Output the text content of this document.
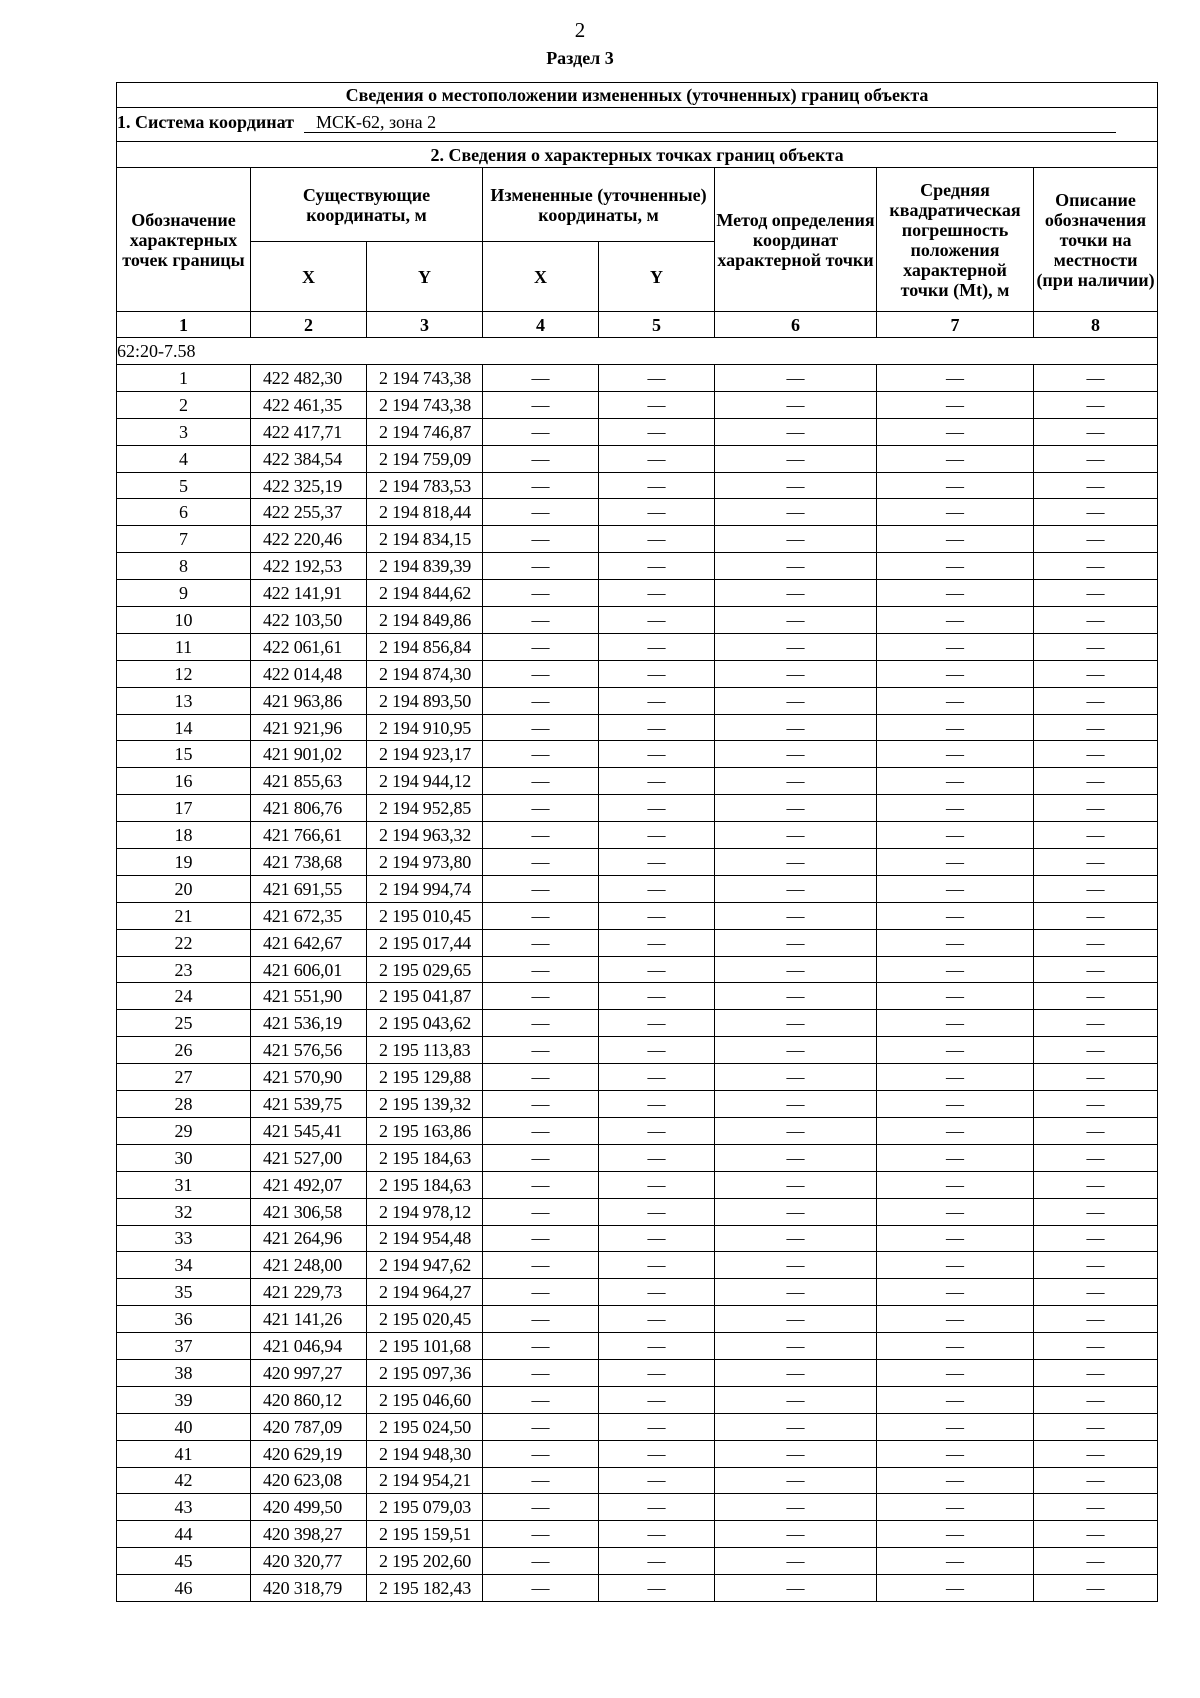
2
Раздел 3
Сведения о местоположении измененных (уточненных) границ объекта							
1. Система координат МСК-62, зона 2							
2. Сведения о характерных точках границ объекта							
Обозначение характерных точек границы	Существующие координаты, м		Измененные (уточненные) координаты, м		Метод определения координат характерной точки	Средняя квадратическая погрешность положения характерной точки (Mt), м	Описание обозначения точки на местности (при наличии)
	X	Y	X	Y			
1	2	3	4	5	6	7	8
62:20-7.58							
1	422 482,30	2 194 743,38	—	—	—	—	—
2	422 461,35	2 194 743,38	—	—	—	—	—
3	422 417,71	2 194 746,87	—	—	—	—	—
4	422 384,54	2 194 759,09	—	—	—	—	—
5	422 325,19	2 194 783,53	—	—	—	—	—
6	422 255,37	2 194 818,44	—	—	—	—	—
7	422 220,46	2 194 834,15	—	—	—	—	—
8	422 192,53	2 194 839,39	—	—	—	—	—
9	422 141,91	2 194 844,62	—	—	—	—	—
10	422 103,50	2 194 849,86	—	—	—	—	—
11	422 061,61	2 194 856,84	—	—	—	—	—
12	422 014,48	2 194 874,30	—	—	—	—	—
13	421 963,86	2 194 893,50	—	—	—	—	—
14	421 921,96	2 194 910,95	—	—	—	—	—
15	421 901,02	2 194 923,17	—	—	—	—	—
16	421 855,63	2 194 944,12	—	—	—	—	—
17	421 806,76	2 194 952,85	—	—	—	—	—
18	421 766,61	2 194 963,32	—	—	—	—	—
19	421 738,68	2 194 973,80	—	—	—	—	—
20	421 691,55	2 194 994,74	—	—	—	—	—
21	421 672,35	2 195 010,45	—	—	—	—	—
22	421 642,67	2 195 017,44	—	—	—	—	—
23	421 606,01	2 195 029,65	—	—	—	—	—
24	421 551,90	2 195 041,87	—	—	—	—	—
25	421 536,19	2 195 043,62	—	—	—	—	—
26	421 576,56	2 195 113,83	—	—	—	—	—
27	421 570,90	2 195 129,88	—	—	—	—	—
28	421 539,75	2 195 139,32	—	—	—	—	—
29	421 545,41	2 195 163,86	—	—	—	—	—
30	421 527,00	2 195 184,63	—	—	—	—	—
31	421 492,07	2 195 184,63	—	—	—	—	—
32	421 306,58	2 194 978,12	—	—	—	—	—
33	421 264,96	2 194 954,48	—	—	—	—	—
34	421 248,00	2 194 947,62	—	—	—	—	—
35	421 229,73	2 194 964,27	—	—	—	—	—
36	421 141,26	2 195 020,45	—	—	—	—	—
37	421 046,94	2 195 101,68	—	—	—	—	—
38	420 997,27	2 195 097,36	—	—	—	—	—
39	420 860,12	2 195 046,60	—	—	—	—	—
40	420 787,09	2 195 024,50	—	—	—	—	—
41	420 629,19	2 194 948,30	—	—	—	—	—
42	420 623,08	2 194 954,21	—	—	—	—	—
43	420 499,50	2 195 079,03	—	—	—	—	—
44	420 398,27	2 195 159,51	—	—	—	—	—
45	420 320,77	2 195 202,60	—	—	—	—	—
46	420 318,79	2 195 182,43	—	—	—	—	—
